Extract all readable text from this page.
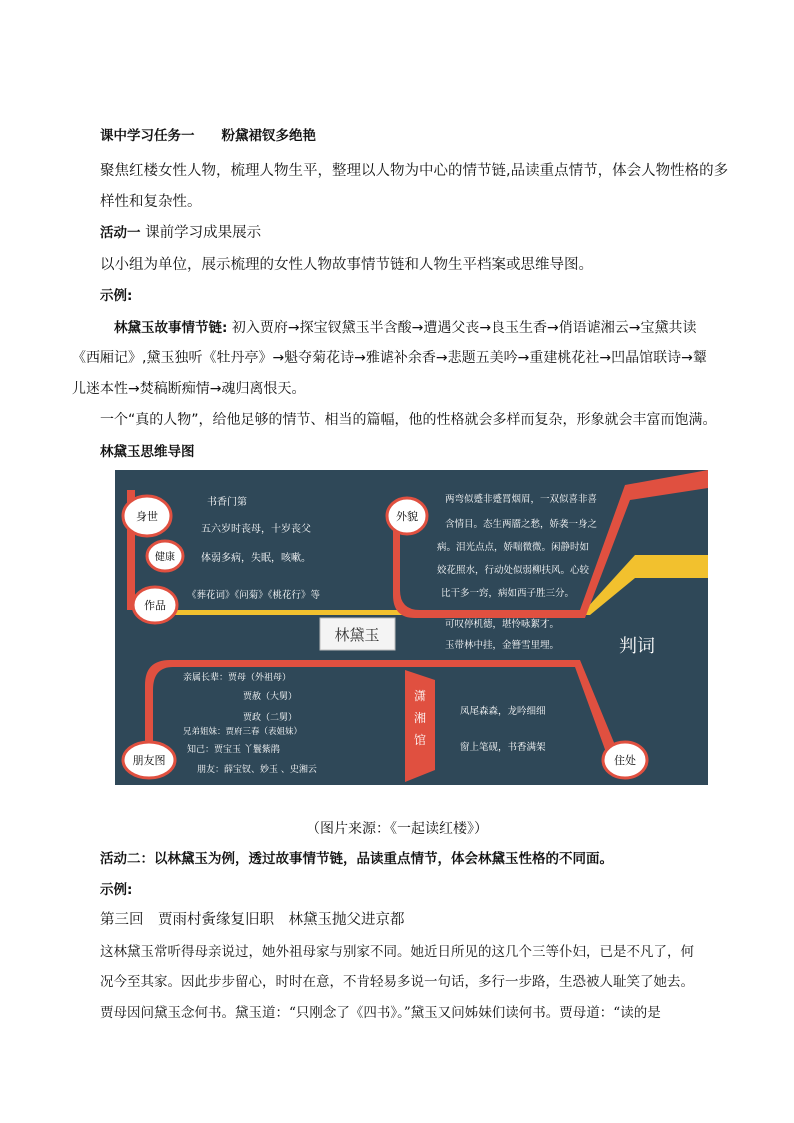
课中学习任务一　　粉黛裙钗多绝艳
聚焦红楼女性人物，梳理人物生平，整理以人物为中心的情节链,品读重点情节，体会人物性格的多
样性和复杂性。
活动一 课前学习成果展示
以小组为单位，展示梳理的女性人物故事情节链和人物生平档案或思维导图。
示例:
林黛玉故事情节链: 初入贾府→探宝钗黛玉半含酸→遭遇父丧→良玉生香→俏语谑湘云→宝黛共读
《西厢记》,黛玉独听《牡丹亭》→魁夺菊花诗→雅谑补余香→悲题五美吟→重建桃花社→凹晶馆联诗→颦
儿迷本性→焚稿断痴情→魂归离恨天。
一个“真的人物”，给他足够的情节、相当的篇幅，他的性格就会多样而复杂，形象就会丰富而饱满。
林黛玉思维导图
林黛玉
潇
湘
馆
身世
健康
作品
外貌
朋友图	住处
判词
书香门第
五六岁时丧母，十岁丧父
体弱多病，失眠，咳嗽。
《葬花词》《问菊》《桃花行》等
两弯似蹙非蹙罥烟眉，一双似喜非喜
含情目。态生两靥之愁，娇袭一身之
病。泪光点点，娇喘微微。闲静时如
姣花照水，行动处似弱柳扶风。心较
比干多一窍，病如西子胜三分。
可叹停机德，堪怜咏絮才。
玉带林中挂，金簪雪里埋。
亲属长辈：贾母（外祖母）
贾赦（大舅）
贾政（二舅）
兄弟姐妹：贾府三春（表姐妹）
知己：贾宝玉 丫鬟紫鹃
朋友：薛宝钗、妙玉 、史湘云
凤尾森森，龙吟细细
窗上笔砚，书香满架
（图片来源：《一起读红楼》）
活动二：以林黛玉为例，透过故事情节链，品读重点情节，体会林黛玉性格的不同面。
示例:
第三回　贾雨村夤缘复旧职　林黛玉抛父进京都
这林黛玉常听得母亲说过，她外祖母家与别家不同。她近日所见的这几个三等仆妇，已是不凡了，何
况今至其家。因此步步留心，时时在意，不肯轻易多说一句话，多行一步路，生恐被人耻笑了她去。
贾母因问黛玉念何书。黛玉道：“只刚念了《四书》。”黛玉又问姊妹们读何书。贾母道：“读的是
